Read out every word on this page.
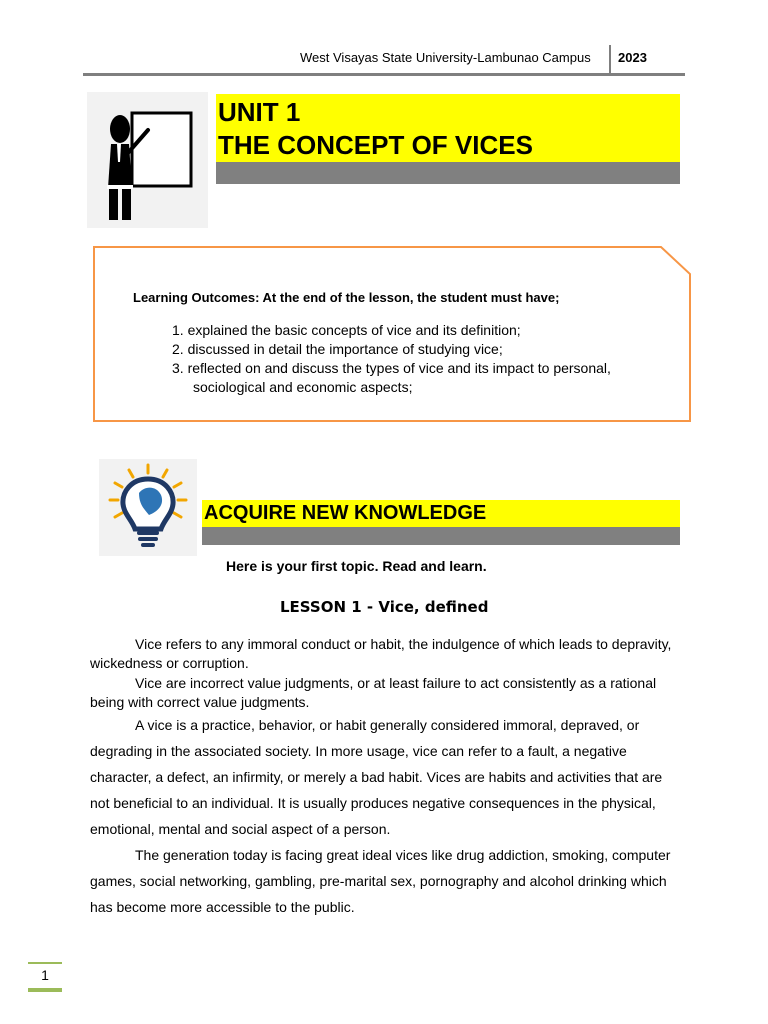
West Visayas State University-Lambunao Campus 2023
UNIT 1
THE CONCEPT OF VICES
Learning Outcomes: At the end of the lesson, the student must have;
1. explained the basic concepts of vice and its definition;
2. discussed in detail the importance of studying vice;
3. reflected on and discuss the types of vice and its impact to personal,
sociological and economic aspects;
ACQUIRE NEW KNOWLEDGE
Here is your first topic. Read and learn.
LESSON 1 - Vice, defined
Vice refers to any immoral conduct or habit, the indulgence of which leads to depravity,
wickedness or corruption.
Vice are incorrect value judgments, or at least failure to act consistently as a rational
being with correct value judgments.
A vice is a practice, behavior, or habit generally considered immoral, depraved, or
degrading in the associated society. In more usage, vice can refer to a fault, a negative
character, a defect, an infirmity, or merely a bad habit. Vices are habits and activities that are
not beneficial to an individual. It is usually produces negative consequences in the physical,
emotional, mental and social aspect of a person.
The generation today is facing great ideal vices like drug addiction, smoking, computer
games, social networking, gambling, pre-marital sex, pornography and alcohol drinking which
has become more accessible to the public.
1
